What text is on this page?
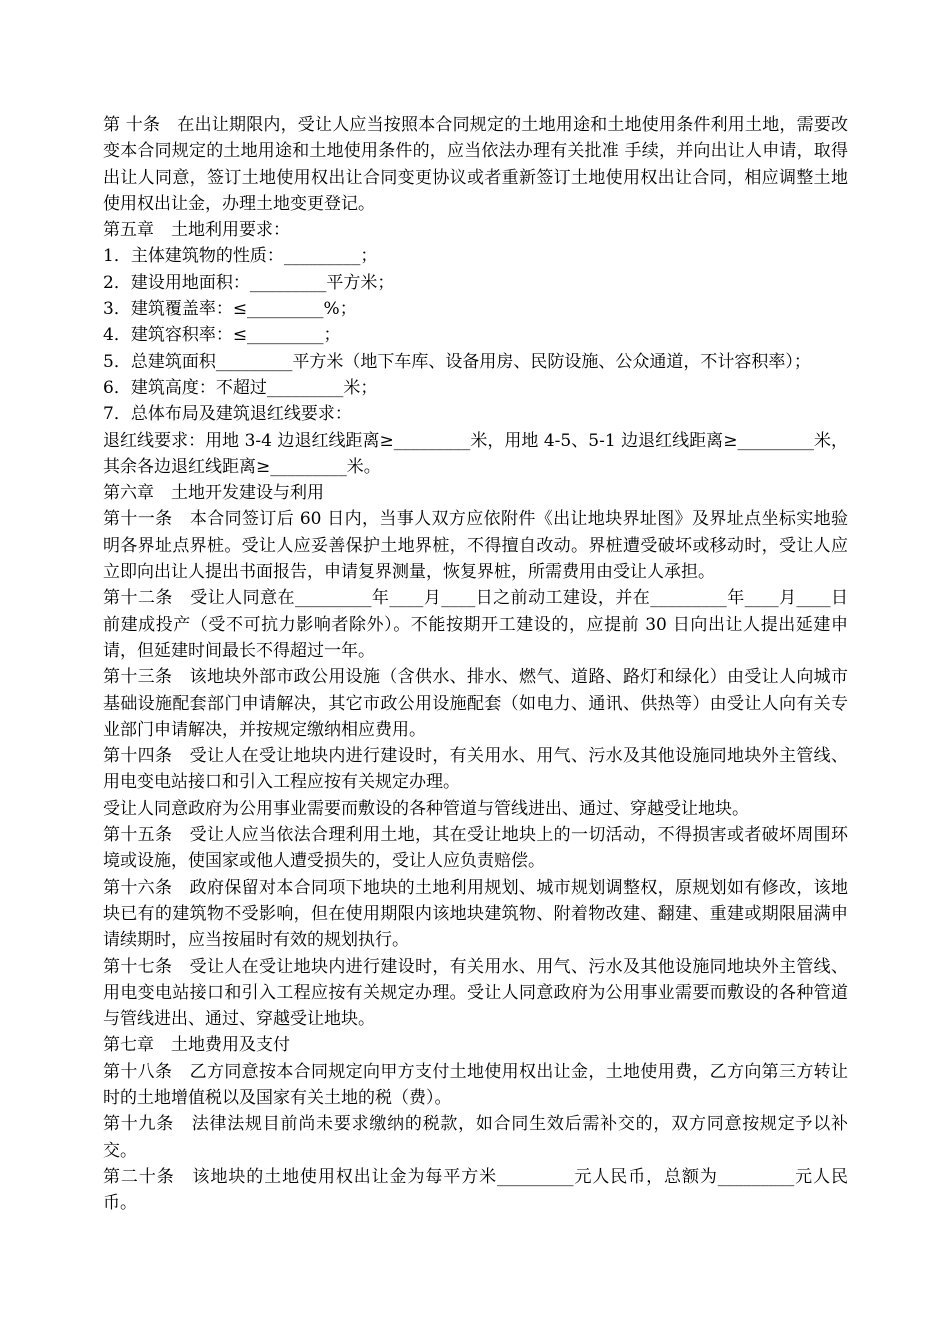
第 十条　在出让期限内，受让人应当按照本合同规定的土地用途和土地使用条件利用土地，需要改变本合同规定的土地用途和土地使用条件的，应当依法办理有关批准 手续，并向出让人申请，取得出让人同意，签订土地使用权出让合同变更协议或者重新签订土地使用权出让合同，相应调整土地使用权出让金，办理土地变更登记。

第五章　土地利用要求：

1．主体建筑物的性质：_________；

2．建设用地面积：_________平方米；

3．建筑覆盖率：≤_________%；

4．建筑容积率：≤_________；

5．总建筑面积_________平方米（地下车库、设备用房、民防设施、公众通道，不计容积率）；

6．建筑高度：不超过_________米；

7．总体布局及建筑退红线要求：

退红线要求：用地 3-4 边退红线距离≥_________米，用地 4-5、5-1 边退红线距离≥_________米，其余各边退红线距离≥_________米。

第六章　土地开发建设与利用

第十一条　本合同签订后 60 日内，当事人双方应依附件《出让地块界址图》及界址点坐标实地验明各界址点界桩。受让人应妥善保护土地界桩，不得擅自改动。界桩遭受破坏或移动时，受让人应立即向出让人提出书面报告，申请复界测量，恢复界桩，所需费用由受让人承担。

第十二条　受让人同意在_________年____月____日之前动工建设，并在_________年____月____日前建成投产（受不可抗力影响者除外）。不能按期开工建设的，应提前 30 日向出让人提出延建申请，但延建时间最长不得超过一年。

第十三条　该地块外部市政公用设施（含供水、排水、燃气、道路、路灯和绿化）由受让人向城市基础设施配套部门申请解决，其它市政公用设施配套（如电力、通讯、供热等）由受让人向有关专业部门申请解决，并按规定缴纳相应费用。

第十四条　受让人在受让地块内进行建设时，有关用水、用气、污水及其他设施同地块外主管线、用电变电站接口和引入工程应按有关规定办理。

受让人同意政府为公用事业需要而敷设的各种管道与管线进出、通过、穿越受让地块。

第十五条　受让人应当依法合理利用土地，其在受让地块上的一切活动，不得损害或者破坏周围环境或设施，使国家或他人遭受损失的，受让人应负责赔偿。

第十六条　政府保留对本合同项下地块的土地利用规划、城市规划调整权，原规划如有修改，该地块已有的建筑物不受影响，但在使用期限内该地块建筑物、附着物改建、翻建、重建或期限届满申请续期时，应当按届时有效的规划执行。

第十七条　受让人在受让地块内进行建设时，有关用水、用气、污水及其他设施同地块外主管线、用电变电站接口和引入工程应按有关规定办理。受让人同意政府为公用事业需要而敷设的各种管道与管线进出、通过、穿越受让地块。

第七章　土地费用及支付

第十八条　乙方同意按本合同规定向甲方支付土地使用权出让金，土地使用费，乙方向第三方转让时的土地增值税以及国家有关土地的税（费）。

第十九条　法律法规目前尚未要求缴纳的税款，如合同生效后需补交的，双方同意按规定予以补交。

第二十条　该地块的土地使用权出让金为每平方米_________元人民币，总额为_________元人民币。
